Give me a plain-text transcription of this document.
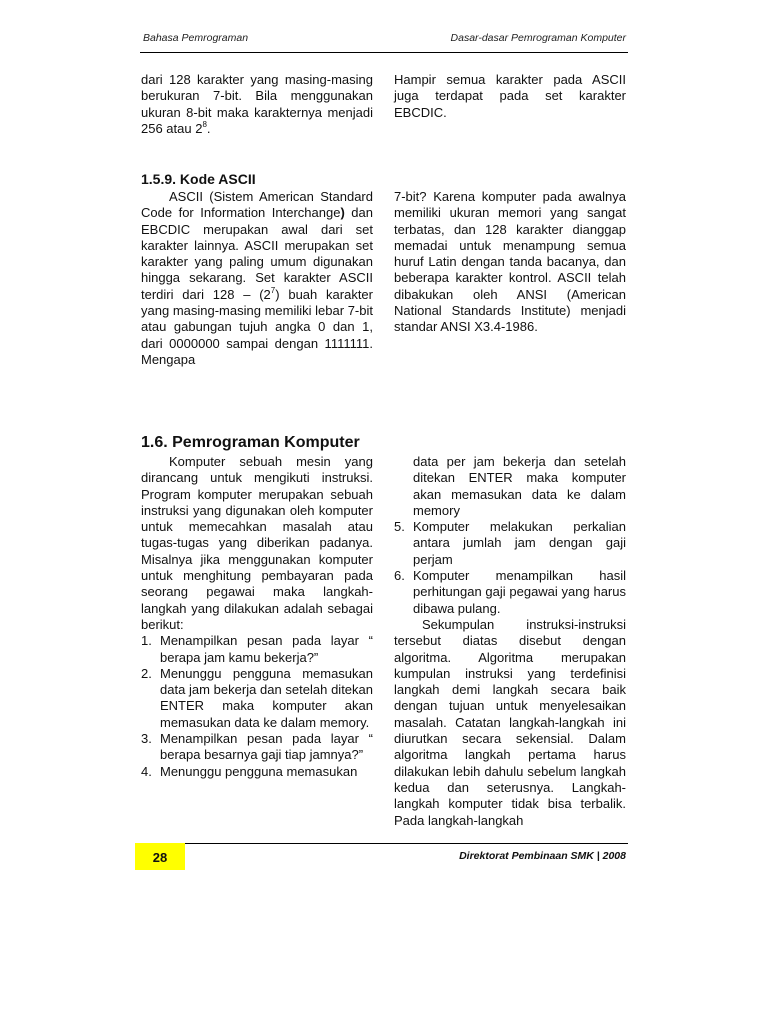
Bahasa Pemrograman	Dasar-dasar Pemrograman Komputer

dari 128 karakter yang masing-masing berukuran 7-bit. Bila menggunakan ukuran 8-bit maka karakternya menjadi 256 atau $2^8$.

Hampir semua karakter pada ASCII juga terdapat pada set karakter EBCDIC.

1.5.9. Kode ASCII

ASCII (Sistem American Standard Code for Information Interchange) dan EBCDIC merupakan awal dari set karakter lainnya. ASCII merupakan set karakter yang paling umum digunakan hingga sekarang. Set karakter ASCII terdiri dari $128 - (2^7)$ buah karakter yang masing-masing memiliki lebar 7-bit atau gabungan tujuh angka 0 dan 1, dari 0000000 sampai dengan 1111111. Mengapa

7-bit? Karena komputer pada awalnya memiliki ukuran memori yang sangat terbatas, dan 128 karakter dianggap memadai untuk menampung semua huruf Latin dengan tanda bacanya, dan beberapa karakter kontrol. ASCII telah dibakukan oleh ANSI (American National Standards Institute) menjadi standar ANSI X3.4-1986.

1.6. Pemrograman Komputer

Komputer sebuah mesin yang dirancang untuk mengikuti instruksi. Program komputer merupakan sebuah instruksi yang digunakan oleh komputer untuk memecahkan masalah atau tugas-tugas yang diberikan padanya. Misalnya jika menggunakan komputer untuk menghitung pembayaran pada seorang pegawai maka langkah-langkah yang dilakukan adalah sebagai berikut:

1. Menampilkan pesan pada layar “ berapa jam kamu bekerja?”
2. Menunggu pengguna memasukan data jam bekerja dan setelah ditekan ENTER maka komputer akan memasukan data ke dalam memory.
3. Menampilkan pesan pada layar “ berapa besarnya gaji tiap jamnya?”
4. Menunggu pengguna memasukan

data per jam bekerja dan setelah ditekan ENTER maka komputer akan memasukan data ke dalam memory

5. Komputer melakukan perkalian antara jumlah jam dengan gaji perjam
6. Komputer menampilkan hasil perhitungan gaji pegawai yang harus dibawa pulang.

Sekumpulan instruksi-instruksi tersebut diatas disebut dengan algoritma. Algoritma merupakan kumpulan instruksi yang terdefinisi langkah demi langkah secara baik dengan tujuan untuk menyelesaikan masalah. Catatan langkah-langkah ini diurutkan secara sekensial. Dalam algoritma langkah pertama harus dilakukan lebih dahulu sebelum langkah kedua dan seterusnya. Langkah-langkah komputer tidak bisa terbalik. Pada langkah-langkah

28	Direktorat Pembinaan SMK | 2008
